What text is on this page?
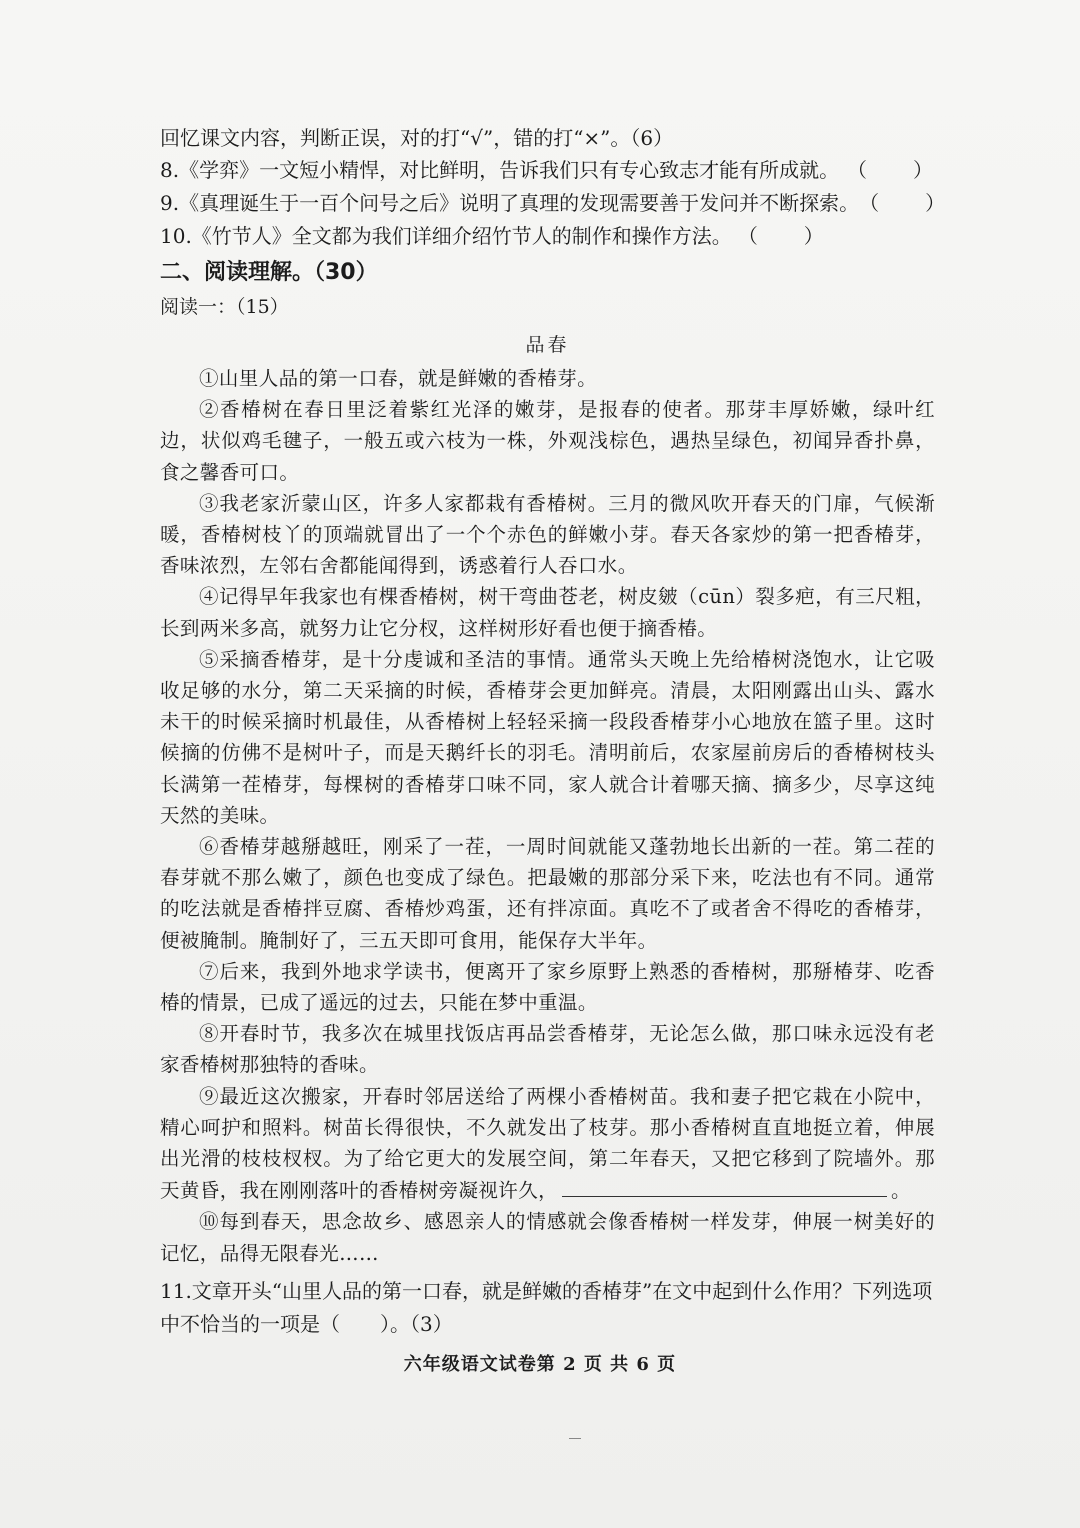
回忆课文内容，判断正误，对的打“√”，错的打“×”。（6）
8.《学弈》一文短小精悍，对比鲜明，告诉我们只有专心致志才能有所成就。 （　　）
9.《真理诞生于一百个问号之后》说明了真理的发现需要善于发问并不断探索。 （　　）
10.《竹节人》全文都为我们详细介绍竹节人的制作和操作方法。 （　　）
二、阅读理解。（30）
阅读一：（15）
品春
①山里人品的第一口春，就是鲜嫩的香椿芽。
②香椿树在春日里泛着紫红光泽的嫩芽，是报春的使者。那芽丰厚娇嫩，绿叶红边，状似鸡毛毽子，一般五或六枝为一株，外观浅棕色，遇热呈绿色，初闻异香扑鼻，食之馨香可口。
③我老家沂蒙山区，许多人家都栽有香椿树。三月的微风吹开春天的门扉，气候渐暖，香椿树枝丫的顶端就冒出了一个个赤色的鲜嫩小芽。春天各家炒的第一把香椿芽，香味浓烈，左邻右舍都能闻得到，诱惑着行人吞口水。
④记得早年我家也有棵香椿树，树干弯曲苍老，树皮皴（cūn）裂多疤，有三尺粗，长到两米多高，就努力让它分杈，这样树形好看也便于摘香椿。
⑤采摘香椿芽，是十分虔诚和圣洁的事情。通常头天晚上先给椿树浇饱水，让它吸收足够的水分，第二天采摘的时候，香椿芽会更加鲜亮。清晨，太阳刚露出山头、露水未干的时候采摘时机最佳，从香椿树上轻轻采摘一段段香椿芽小心地放在篮子里。这时候摘的仿佛不是树叶子，而是天鹅纤长的羽毛。清明前后，农家屋前房后的香椿树枝头长满第一茬椿芽，每棵树的香椿芽口味不同，家人就合计着哪天摘、摘多少，尽享这纯天然的美味。
⑥香椿芽越掰越旺，刚采了一茬，一周时间就能又蓬勃地长出新的一茬。第二茬的春芽就不那么嫩了，颜色也变成了绿色。把最嫩的那部分采下来，吃法也有不同。通常的吃法就是香椿拌豆腐、香椿炒鸡蛋，还有拌凉面。真吃不了或者舍不得吃的香椿芽，便被腌制。腌制好了，三五天即可食用，能保存大半年。
⑦后来，我到外地求学读书，便离开了家乡原野上熟悉的香椿树，那掰椿芽、吃香椿的情景，已成了遥远的过去，只能在梦中重温。
⑧开春时节，我多次在城里找饭店再品尝香椿芽，无论怎么做，那口味永远没有老家香椿树那独特的香味。
⑨最近这次搬家，开春时邻居送给了两棵小香椿树苗。我和妻子把它栽在小院中，精心呵护和照料。树苗长得很快，不久就发出了枝芽。那小香椿树直直地挺立着，伸展出光滑的枝枝杈杈。为了给它更大的发展空间，第二年春天，又把它移到了院墙外。那天黄昏，我在刚刚落叶的香椿树旁凝视许久，	。
⑩每到春天，思念故乡、感恩亲人的情感就会像香椿树一样发芽，伸展一树美好的记忆，品得无限春光……
11.文章开头“山里人品的第一口春，就是鲜嫩的香椿芽”在文中起到什么作用？下列选项中不恰当的一项是（　　）。（3）
六年级语文试卷第 2 页 共 6 页
